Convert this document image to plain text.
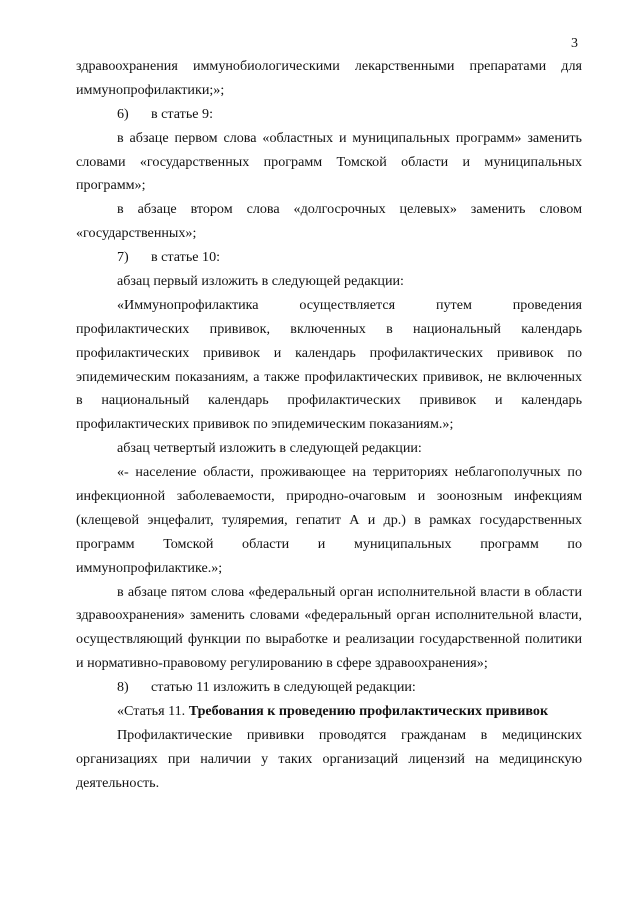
3
здравоохранения иммунобиологическими лекарственными препаратами для
иммунопрофилактики;»;
6) в статье 9:
в абзаце первом слова «областных и муниципальных программ» заменить
словами «государственных программ Томской области и муниципальных
программ»;
в абзаце втором слова «долгосрочных целевых» заменить словом
«государственных»;
7) в статье 10:
абзац первый изложить в следующей редакции:
«Иммунопрофилактика осуществляется путем проведения
профилактических прививок, включенных в национальный календарь
профилактических прививок и календарь профилактических прививок по
эпидемическим показаниям, а также профилактических прививок, не включенных
в национальный календарь профилактических прививок и календарь
профилактических прививок по эпидемическим показаниям.»;
абзац четвертый изложить в следующей редакции:
«- население области, проживающее на территориях неблагополучных по
инфекционной заболеваемости, природно-очаговым и зоонозным инфекциям
(клещевой энцефалит, туляремия, гепатит А и др.) в рамках государственных
программ Томской области и муниципальных программ по
иммунопрофилактике.»;
в абзаце пятом слова «федеральный орган исполнительной власти в области
здравоохранения» заменить словами «федеральный орган исполнительной власти,
осуществляющий функции по выработке и реализации государственной политики
и нормативно-правовому регулированию в сфере здравоохранения»;
8) статью 11 изложить в следующей редакции:
«Статья 11. Требования к проведению профилактических прививок
Профилактические прививки проводятся гражданам в медицинских
организациях при наличии у таких организаций лицензий на медицинскую
деятельность.
